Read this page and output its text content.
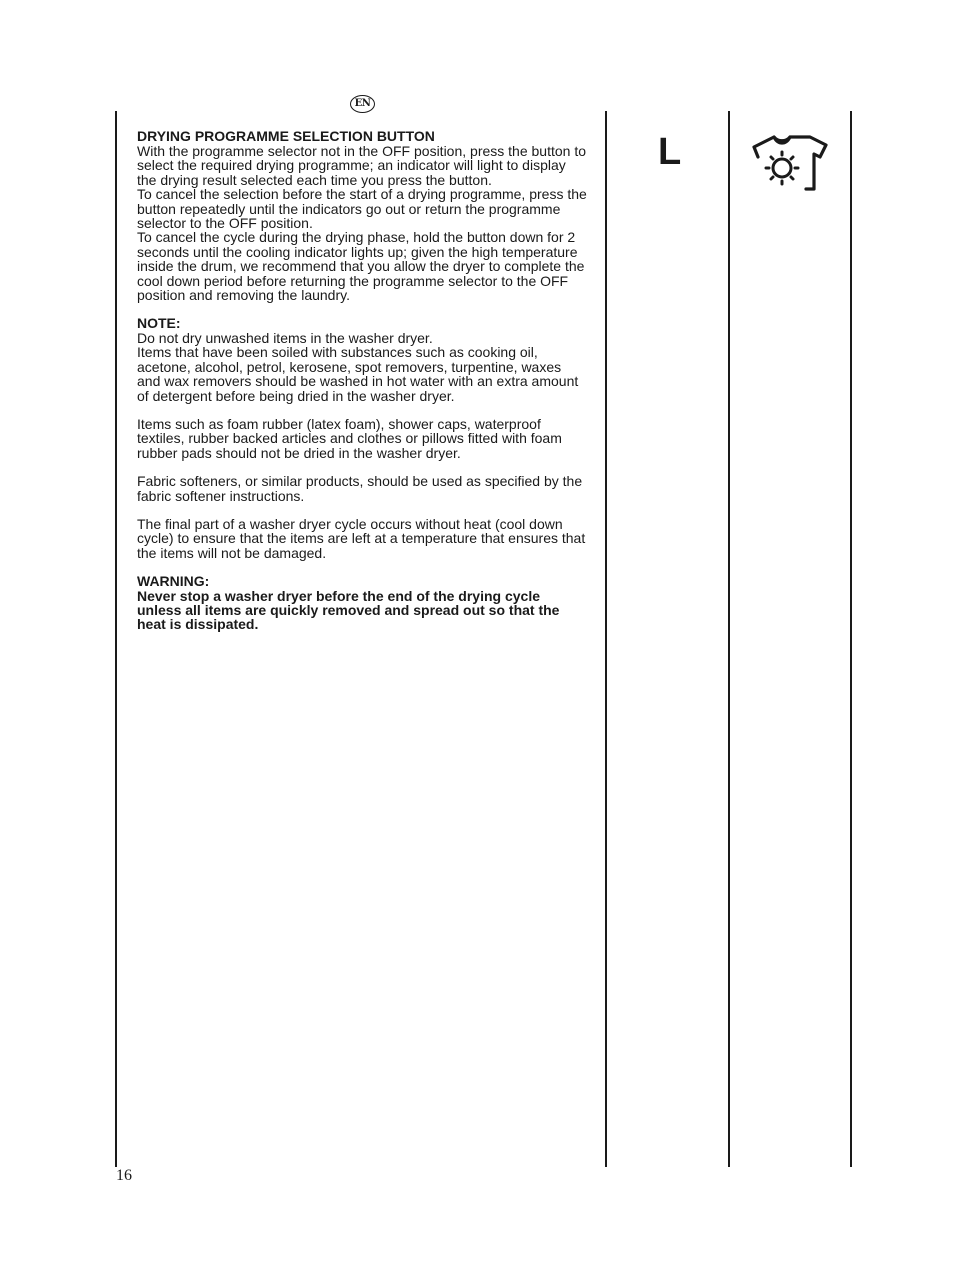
EN

DRYING PROGRAMME SELECTION BUTTON

With the programme selector not in the OFF position, press the button to select the required drying programme; an indicator will light to display the drying result selected each time you press the button.

To cancel the selection before the start of a drying programme, press the button repeatedly until the indicators go out or return the programme selector to the OFF position.

To cancel the cycle during the drying phase, hold the button down for 2 seconds until the cooling indicator lights up; given the high temperature inside the drum, we recommend that you allow the dryer to complete the cool down period before returning the programme selector to the OFF position and removing the laundry.

NOTE:

Do not dry unwashed items in the washer dryer.

Items that have been soiled with substances such as cooking oil, acetone, alcohol, petrol, kerosene, spot removers, turpentine, waxes and wax removers should be washed in hot water with an extra amount of detergent before being dried in the washer dryer.

Items such as foam rubber (latex foam), shower caps, waterproof textiles, rubber backed articles and clothes or pillows fitted with foam rubber pads should not be dried in the washer dryer.

Fabric softeners, or similar products, should be used as specified by the fabric softener instructions.

The final part of a washer dryer cycle occurs without heat (cool down cycle) to ensure that the items are left at a temperature that ensures that the items will not be damaged.

WARNING:

Never stop a washer dryer before the end of the drying cycle unless all items are quickly removed and spread out so that the heat is dissipated.

L
16
